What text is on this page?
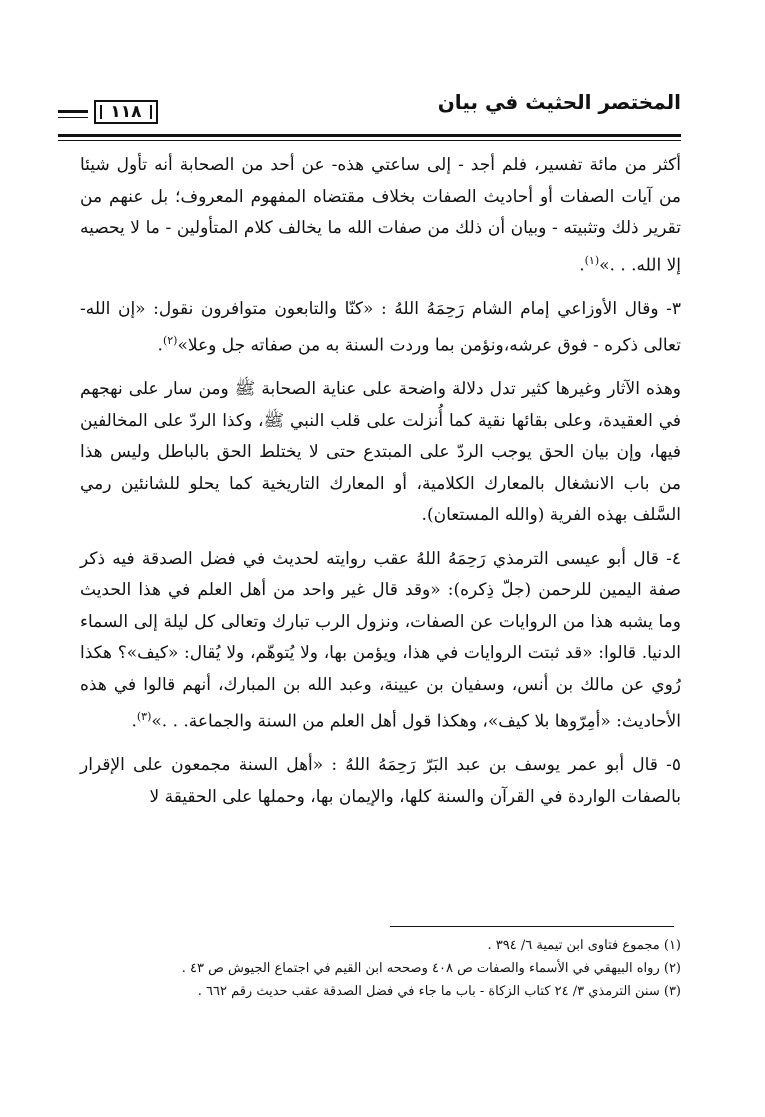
المختصر الحثيث في بيان
١١٨

أكثر من مائة تفسير، فلم أجد - إلى ساعتي هذه- عن أحد من الصحابة أنه تأول شيئا من آيات الصفات أو أحاديث الصفات بخلاف مقتضاه المفهوم المعروف؛ بل عنهم من تقرير ذلك وتثبيته - وبيان أن ذلك من صفات الله ما يخالف كلام المتأولين - ما لا يحصيه إلا الله. . .»$^{(١)}$.

٣- وقال الأوزاعي إمام الشام رَحِمَهُ اللهُ : «كنّا والتابعون متوافرون نقول: «إن الله- تعالى ذكره - فوق عرشه،ونؤمن بما وردت السنة به من صفاته جل وعلا»$^{(٢)}$.

وهذه الآثار وغيرها كثير تدل دلالة واضحة على عناية الصحابة ﷺ ومن سار على نهجهم في العقيدة، وعلى بقائها نقية كما أُنزلت على قلب النبي ﷺ، وكذا الردّ على المخالفين فيها، وإن بيان الحق يوجب الردّ على المبتدع حتى لا يختلط الحق بالباطل وليس هذا من باب الانشغال بالمعارك الكلامية، أو المعارك التاريخية كما يحلو للشانئين رمي السَّلف بهذه الفرية (والله المستعان).

٤- قال أبو عيسى الترمذي رَحِمَهُ اللهُ عقب روايته لحديث في فضل الصدقة فيه ذكر صفة اليمين للرحمن (جلّ ذِكره): «وقد قال غير واحد من أهل العلم في هذا الحديث وما يشبه هذا من الروايات عن الصفات، ونزول الرب تبارك وتعالى كل ليلة إلى السماء الدنيا. قالوا: «قد ثبتت الروايات في هذا، ويؤمن بها، ولا يُتوهّم، ولا يُقال: «كيف»؟ هكذا رُوي عن مالك بن أنس، وسفيان بن عيينة، وعبد الله بن المبارك، أنهم قالوا في هذه الأحاديث: «أمِرّوها بلا كيف»، وهكذا قول أهل العلم من السنة والجماعة. . .»$^{(٣)}$.

٥- قال أبو عمر يوسف بن عبد البَرّ رَحِمَهُ اللهُ : «أهل السنة مجمعون على الإقرار بالصفات الواردة في القرآن والسنة كلها، والإيمان بها، وحملها على الحقيقة لا

(١) مجموع فتاوى ابن تيمية ٦/ ٣٩٤ .

(٢) رواه البيهقي في الأسماء والصفات ص ٤٠٨ وصححه ابن القيم في اجتماع الجيوش ص ٤٣ .

(٣) سنن الترمذي ٣/ ٢٤ كتاب الزكاة - باب ما جاء في فضل الصدقة عقب حديث رقم ٦٦٢ .
